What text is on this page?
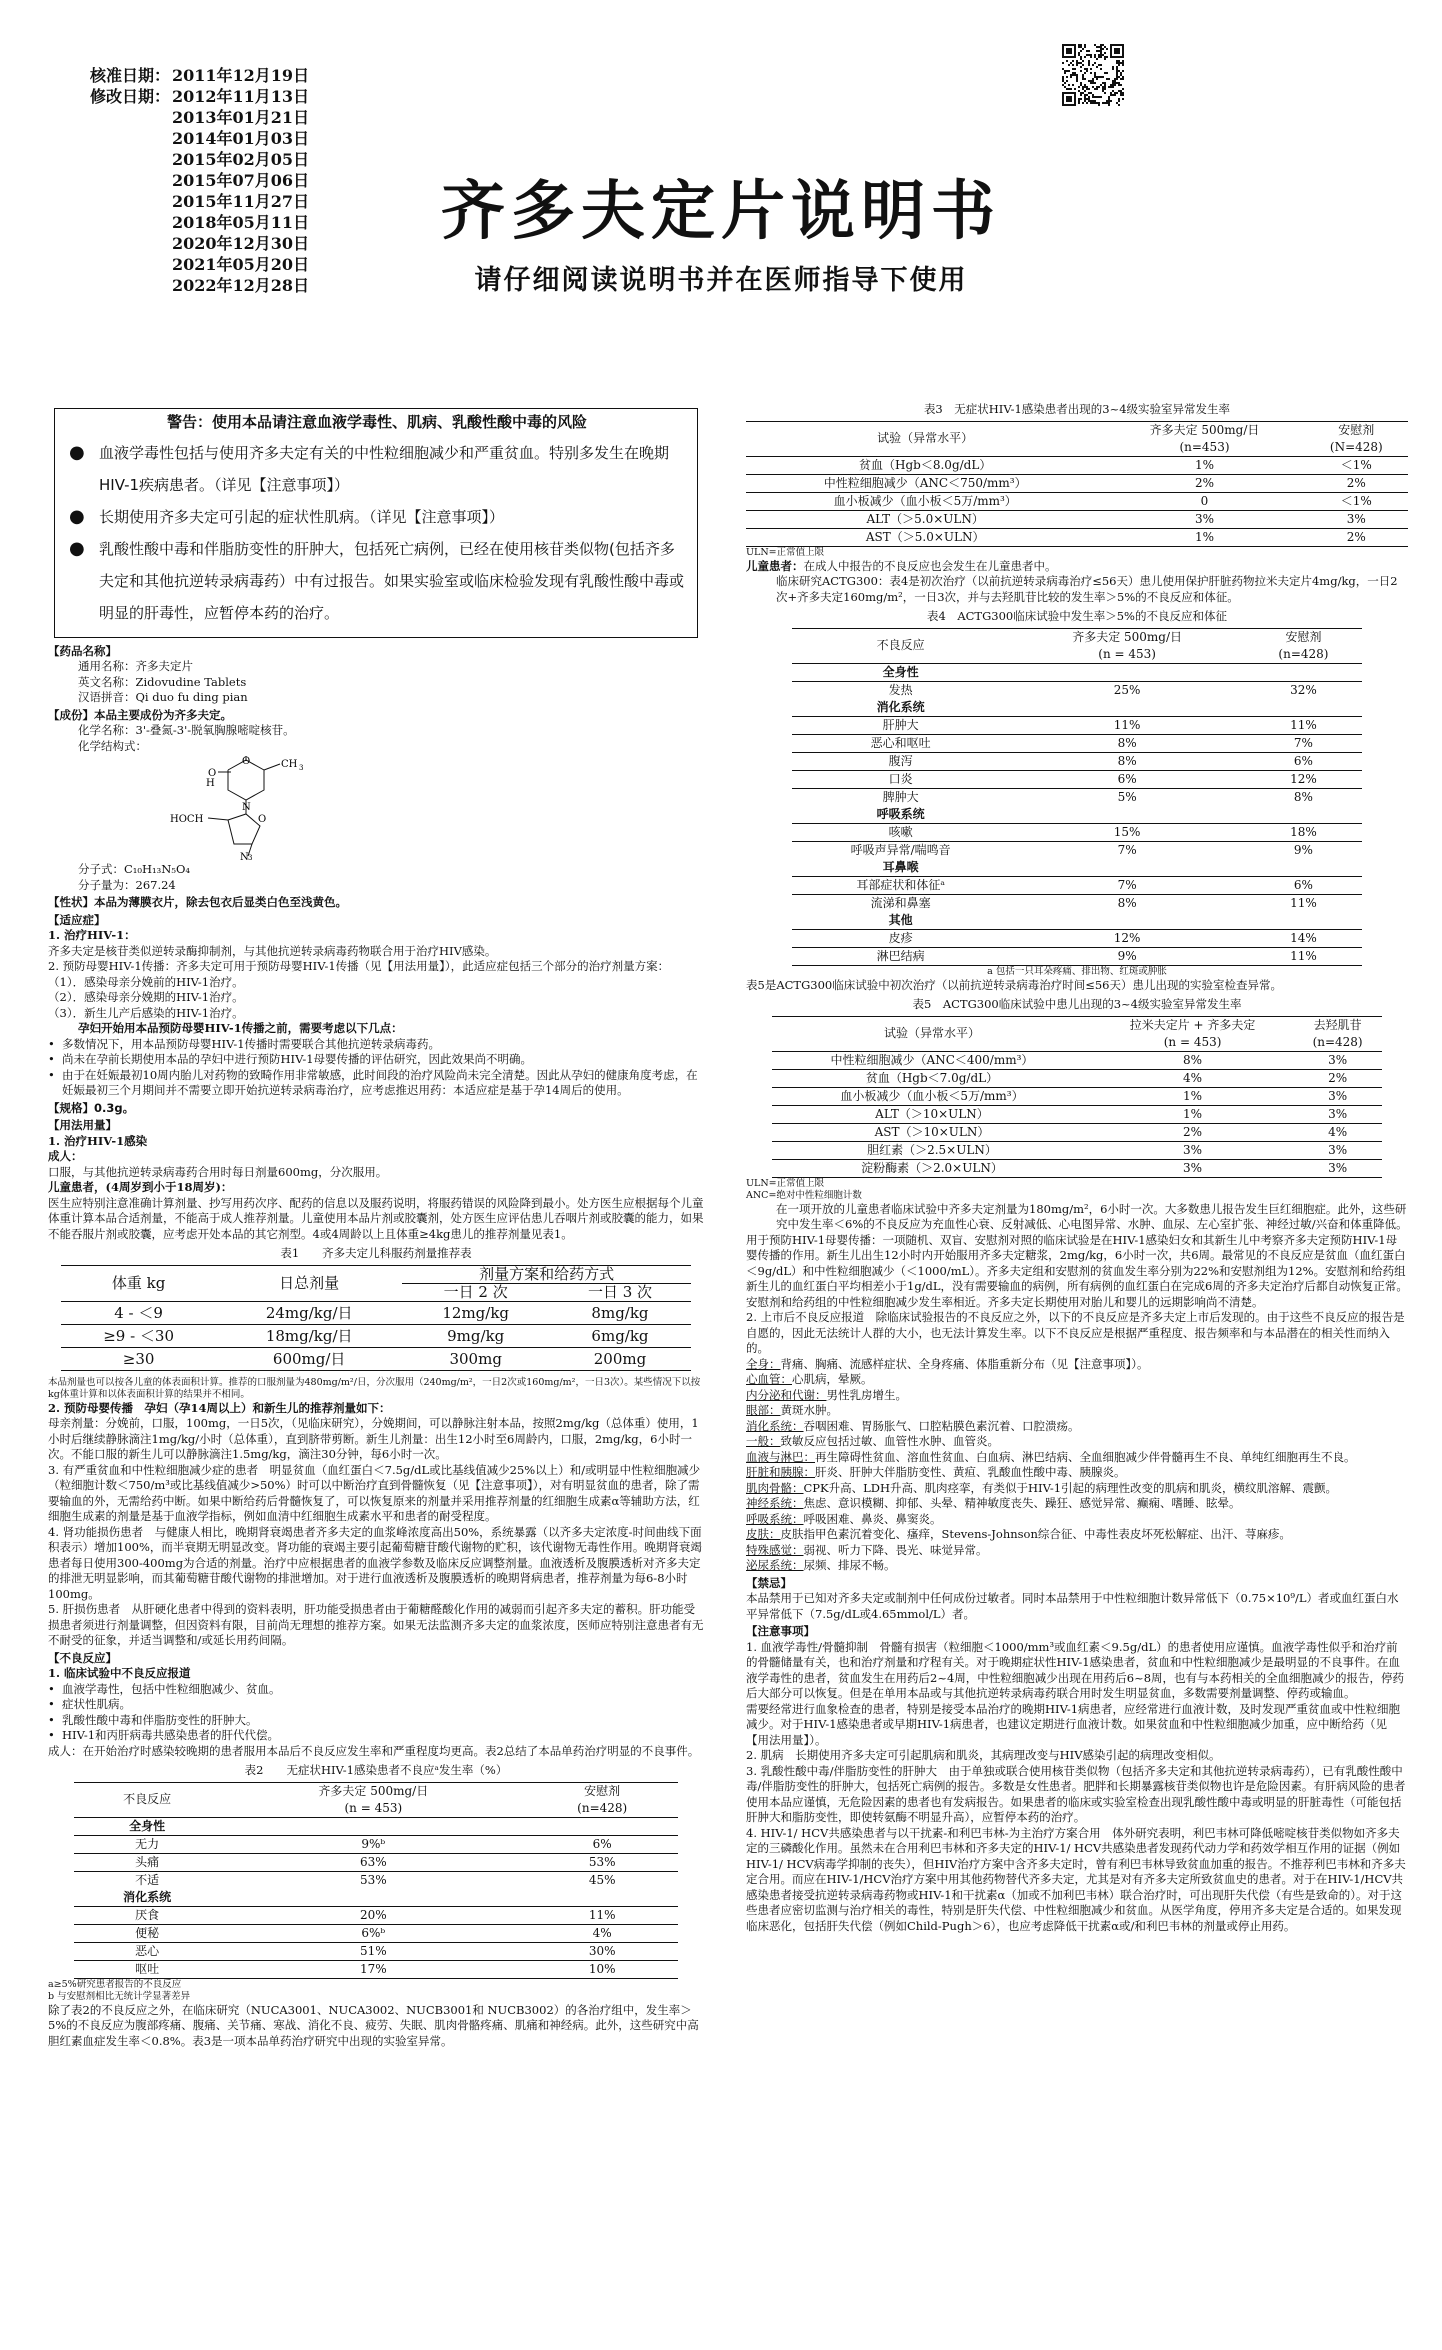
核准日期： 2011年12月19日
修改日期： 2012年11月13日
2013年01月21日
2014年01月03日
2015年02月05日
2015年07月06日
2015年11月27日
2018年05月11日
2020年12月30日
2021年05月20日
2022年12月28日
齐多夫定片说明书
请仔细阅读说明书并在医师指导下使用
警告：使用本品请注意血液学毒性、肌病、乳酸性酸中毒的风险
● 血液学毒性包括与使用齐多夫定有关的中性粒细胞减少和严重贫血。特别多发生在晚期 HIV-1疾病患者。（详见【注意事项】）
● 长期使用齐多夫定可引起的症状性肌病。（详见【注意事项】）
● 乳酸性酸中毒和伴脂肪变性的肝肿大，包括死亡病例，已经在使用核苷类似物(包括齐多夫定和其他抗逆转录病毒药）中有过报告。如果实验室或临床检验发现有乳酸性酸中毒或明显的肝毒性，应暂停本药的治疗。
【药品名称】

通用名称：齐多夫定片

英文名称：Zidovudine Tablets

汉语拼音：Qi duo fu ding pian

【成份】本品主要成份为齐多夫定。

化学名称：3'-叠氮-3'-脱氧胸腺嘧啶核苷。

化学结构式：

O	CH 3
H
N
O
HOCH	O
N 3

分子式：C₁₀H₁₃N₅O₄

分子量为：267.24

【性状】本品为薄膜衣片，除去包衣后显类白色至浅黄色。

【适应症】

1. 治疗HIV-1：

齐多夫定是核苷类似逆转录酶抑制剂，与其他抗逆转录病毒药物联合用于治疗HIV感染。

2. 预防母婴HIV-1传播：齐多夫定可用于预防母婴HIV-1传播（见【用法用量】），此适应症包括三个部分的治疗剂量方案：

（1）．感染母亲分娩前的HIV-1治疗。

（2）．感染母亲分娩期的HIV-1治疗。

（3）．新生儿产后感染的HIV-1治疗。

孕妇开始用本品预防母婴HIV-1传播之前，需要考虑以下几点：

• 多数情况下，用本品预防母婴HIV-1传播时需要联合其他抗逆转录病毒药。
• 尚未在孕前长期使用本品的孕妇中进行预防HIV-1母婴传播的评估研究，因此效果尚不明确。
• 由于在妊娠最初10周内胎儿对药物的致畸作用非常敏感，此时间段的治疗风险尚未完全清楚。因此从孕妇的健康角度考虑，在妊娠最初三个月期间并不需要立即开始抗逆转录病毒治疗，应考虑推迟用药：本适应症是基于孕14周后的使用。

【规格】0.3g。

【用法用量】

1. 治疗HIV-1感染

成人：

口服，与其他抗逆转录病毒药合用时每日剂量600mg，分次服用。

儿童患者，(4周岁到小于18周岁)：

医生应特别注意准确计算剂量、抄写用药次序、配药的信息以及服药说明，将服药错误的风险降到最小。处方医生应根据每个儿童体重计算本品合适剂量，不能高于成人推荐剂量。儿童使用本品片剂或胶囊剂，处方医生应评估患儿吞咽片剂或胶囊的能力，如果不能吞服片剂或胶囊，应考虑开处本品的其它剂型。4或4周龄以上且体重≥4kg患儿的推荐剂量见表1。

表1　　齐多夫定儿科服药剂量推荐表
体重 kg	日总剂量	剂量方案和给药方式	
		一日 2 次	一日 3 次
4 - ＜9	24mg/kg/日	12mg/kg	8mg/kg
≥9 - ＜30	18mg/kg/日	9mg/kg	6mg/kg
≥30	600mg/日	300mg	200mg

本品剂量也可以按各儿童的体表面积计算。推荐的口服剂量为480mg/m²/日，分次服用（240mg/m²，一日2次或160mg/m²，一日3次）。某些情况下以按kg体重计算和以体表面积计算的结果并不相同。

2. 预防母婴传播　孕妇（孕14周以上）和新生儿的推荐剂量如下：

母亲剂量：分娩前，口服，100mg，一日5次，（见临床研究），分娩期间，可以静脉注射本品，按照2mg/kg（总体重）使用，1小时后继续静脉滴注1mg/kg/小时（总体重），直到脐带剪断。新生儿剂量：出生12小时至6周龄内，口服，2mg/kg，6小时一次。不能口服的新生儿可以静脉滴注1.5mg/kg，滴注30分钟，每6小时一次。

3. 有严重贫血和中性粒细胞减少症的患者　明显贫血（血红蛋白＜7.5g/dL或比基线值减少25%以上）和/或明显中性粒细胞减少（粒细胞计数＜750/m³或比基线值减少>50%）时可以中断治疗直到骨髓恢复（见【注意事项】），对有明显贫血的患者，除了需要输血的外，无需给药中断。如果中断给药后骨髓恢复了，可以恢复原来的剂量并采用推荐剂量的红细胞生成素α等辅助方法，红细胞生成素的剂量是基于血液学指标，例如血清中红细胞生成素水平和患者的耐受程度。

4. 肾功能损伤患者　与健康人相比，晚期肾衰竭患者齐多夫定的血浆峰浓度高出50%，系统暴露（以齐多夫定浓度-时间曲线下面积表示）增加100%，而半衰期无明显改变。肾功能的衰竭主要引起葡萄糖苷酸代谢物的贮积，该代谢物无毒性作用。晚期肾衰竭患者每日使用300-400mg为合适的剂量。治疗中应根据患者的血液学参数及临床反应调整剂量。血液透析及腹膜透析对齐多夫定的排泄无明显影响，而其葡萄糖苷酸代谢物的排泄增加。对于进行血液透析及腹膜透析的晚期肾病患者，推荐剂量为每6-8小时100mg。

5. 肝损伤患者　从肝硬化患者中得到的资料表明，肝功能受损患者由于葡糖醛酸化作用的减弱而引起齐多夫定的蓄积。肝功能受损患者须进行剂量调整，但因资料有限，目前尚无理想的推荐方案。如果无法监测齐多夫定的血浆浓度，医师应特别注意患者有无不耐受的征象，并适当调整和/或延长用药间隔。

【不良反应】

1. 临床试验中不良反应报道

• 血液学毒性，包括中性粒细胞减少、贫血。
• 症状性肌病。
• 乳酸性酸中毒和伴脂肪变性的肝肿大。
• HIV-1和丙肝病毒共感染患者的肝代代偿。

成人：在开始治疗时感染较晚期的患者服用本品后不良反应发生率和严重程度均更高。表2总结了本品单药治疗明显的不良事件。

表2　　无症状HIV-1感染患者不良应ᵃ发生率（%）
不良反应	齐多夫定 500mg/日	安慰剂
	(n = 453)	(n=428)
全身性		
无力	9%ᵇ	6%
头痛	63%	53%
不适	53%	45%
消化系统		
厌食	20%	11%
便秘	6%ᵇ	4%
恶心	51%	30%
呕吐	17%	10%

a≥5%研究患者报告的不良反应

b 与安慰剂相比无统计学显著差异

除了表2的不良反应之外，在临床研究（NUCA3001、NUCA3002、NUCB3001和 NUCB3002）的各治疗组中，发生率＞5%的不良反应为腹部疼痛、腹痛、关节痛、寒战、消化不良、疲劳、失眠、肌肉骨骼疼痛、肌痛和神经病。此外，这些研究中高胆红素血症发生率＜0.8%。表3是一项本品单药治疗研究中出现的实验室异常。

表3　无症状HIV-1感染患者出现的3~4级实验室异常发生率
试验（异常水平）	齐多夫定 500mg/日	安慰剂
	(n=453)	(N=428)
贫血（Hgb＜8.0g/dL）	1%	＜1%
中性粒细胞减少（ANC＜750/mm³）	2%	2%
血小板减少（血小板＜5万/mm³）	0	＜1%
ALT（＞5.0×ULN）	3%	3%
AST（＞5.0×ULN）	1%	2%

ULN=正常值上限

儿童患者：在成人中报告的不良反应也会发生在儿童患者中。

临床研究ACTG300：表4是初次治疗（以前抗逆转录病毒治疗≤56天）患儿使用保护肝脏药物拉米夫定片4mg/kg，一日2次+齐多夫定160mg/m²，一日3次，并与去羟肌苷比较的发生率＞5%的不良反应和体征。

表4　ACTG300临床试验中发生率＞5%的不良反应和体征
不良反应	齐多夫定 500mg/日	安慰剂
	(n = 453)	(n=428)
全身性		
发热	25%	32%
消化系统		
肝肿大	11%	11%
恶心和呕吐	8%	7%
腹泻	8%	6%
口炎	6%	12%
脾肿大	5%	8%
呼吸系统		
咳嗽	15%	18%
呼吸声异常/喘鸣音	7%	9%
耳鼻喉		
耳部症状和体征ᵃ	7%	6%
流涕和鼻塞	8%	11%
其他		
皮疹	12%	14%
淋巴结病	9%	11%

a 包括一只耳朵疼痛、排出物、红斑或肿胀

表5是ACTG300临床试验中初次治疗（以前抗逆转录病毒治疗时间≤56天）患儿出现的实验室检查异常。

表5　ACTG300临床试验中患儿出现的3~4级实验室异常发生率
试验（异常水平）	拉米夫定片 + 齐多夫定	去羟肌苷
	(n = 453)	(n=428)
中性粒细胞减少（ANC＜400/mm³）	8%	3%
贫血（Hgb＜7.0g/dL）	4%	2%
血小板减少（血小板＜5万/mm³）	1%	3%
ALT（＞10×ULN）	1%	3%
AST（＞10×ULN）	2%	4%
胆红素（＞2.5×ULN）	3%	3%
淀粉酶素（＞2.0×ULN）	3%	3%

ULN=正常值上限

ANC=绝对中性粒细胞计数

在一项开放的儿童患者临床试验中齐多夫定剂量为180mg/m²，6小时一次。大多数患儿报告发生巨红细胞症。此外，这些研究中发生率＜6%的不良反应为充血性心衰、反射减低、心电图异常、水肿、血尿、左心室扩张、神经过敏/兴奋和体重降低。

用于预防HIV-1母婴传播：一项随机、双盲、安慰剂对照的临床试验是在HIV-1感染妇女和其新生儿中考察齐多夫定预防HIV-1母婴传播的作用。新生儿出生12小时内开始服用齐多夫定糖浆，2mg/kg，6小时一次，共6周。最常见的不良反应是贫血（血红蛋白＜9g/dL）和中性粒细胞减少（＜1000/mL）。齐多夫定组和安慰剂的贫血发生率分别为22%和安慰剂组为12%。安慰剂和给药组新生儿的血红蛋白平均相差小于1g/dL，没有需要输血的病例，所有病例的血红蛋白在完成6周的齐多夫定治疗后都自动恢复正常。安慰剂和给药组的中性粒细胞减少发生率相近。齐多夫定长期使用对胎儿和婴儿的远期影响尚不清楚。

2. 上市后不良反应报道　除临床试验报告的不良反应之外，以下的不良反应是齐多夫定上市后发现的。由于这些不良反应的报告是自愿的，因此无法统计人群的大小，也无法计算发生率。以下不良反应是根据严重程度、报告频率和与本品潜在的相关性而纳入的。

全身：背痛、胸痛、流感样症状、全身疼痛、体脂重新分布（见【注意事项】）。

心血管：心肌病，晕厥。

内分泌和代谢：男性乳房增生。

眼部：黄斑水肿。

消化系统：吞咽困难、胃肠胀气、口腔粘膜色素沉着、口腔溃疡。

一般：致敏反应包括过敏、血管性水肿、血管炎。

血液与淋巴：再生障碍性贫血、溶血性贫血、白血病、淋巴结病、全血细胞减少伴骨髓再生不良、单纯红细胞再生不良。

肝脏和胰腺：肝炎、肝肿大伴脂肪变性、黄疸、乳酸血性酸中毒、胰腺炎。

肌肉骨骼：CPK升高、LDH升高、肌肉痉挛，有类似于HIV-1引起的病理性改变的肌病和肌炎，横纹肌溶解、震颤。

神经系统：焦虑、意识模糊、抑郁、头晕、精神敏度丧失、躁狂、感觉异常、癫痫、嗜睡、眩晕。

呼吸系统：呼吸困难、鼻炎、鼻窦炎。

皮肤：皮肤指甲色素沉着变化、瘙痒，Stevens-Johnson综合征、中毒性表皮坏死松解症、出汗、荨麻疹。

特殊感觉：弱视、听力下降、畏光、味觉异常。

泌尿系统：尿频、排尿不畅。

【禁忌】

本品禁用于已知对齐多夫定或制剂中任何成份过敏者。同时本品禁用于中性粒细胞计数异常低下（0.75×10⁹/L）者或血红蛋白水平异常低下（7.5g/dL或4.65mmol/L）者。

【注意事项】

1. 血液学毒性/骨髓抑制　骨髓有损害（粒细胞＜1000/mm³或血红素＜9.5g/dL）的患者使用应谨慎。血液学毒性似乎和治疗前的骨髓储量有关，也和治疗剂量和疗程有关。对于晚期症状性HIV-1感染患者，贫血和中性粒细胞减少是最明显的不良事件。在血液学毒性的患者，贫血发生在用药后2~4周，中性粒细胞减少出现在用药后6~8周，也有与本药相关的全血细胞减少的报告，停药后大部分可以恢复。但是在单用本品或与其他抗逆转录病毒药联合用时发生明显贫血，多数需要剂量调整、停药或输血。

需要经常进行血象检查的患者，特别是接受本品治疗的晚期HIV-1病患者，应经常进行血液计数，及时发现严重贫血或中性粒细胞减少。对于HIV-1感染患者或早期HIV-1病患者，也建议定期进行血液计数。如果贫血和中性粒细胞减少加重，应中断给药（见【用法用量】）。

2. 肌病　长期使用齐多夫定可引起肌病和肌炎，其病理改变与HIV感染引起的病理改变相似。

3. 乳酸性酸中毒/伴脂肪变性的肝肿大　由于单独或联合使用核苷类似物（包括齐多夫定和其他抗逆转录病毒药），已有乳酸性酸中毒/伴脂肪变性的肝肿大，包括死亡病例的报告。多数是女性患者。肥胖和长期暴露核苷类似物也许是危险因素。有肝病风险的患者使用本品应谨慎，无危险因素的患者也有发病报告。如果患者的临床或实验室检查出现乳酸性酸中毒或明显的肝脏毒性（可能包括肝肿大和脂肪变性，即使转氨酶不明显升高），应暂停本药的治疗。

4. HIV-1/ HCV共感染患者与以干扰素-和利巴韦林-为主治疗方案合用　体外研究表明，利巴韦林可降低嘧啶核苷类似物如齐多夫定的三磷酸化作用。虽然未在合用利巴韦林和齐多夫定的HIV-1/ HCV共感染患者发现药代动力学和药效学相互作用的证据（例如HIV-1/ HCV病毒学抑制的丧失），但HIV治疗方案中含齐多夫定时，曾有利巴韦林导致贫血加重的报告。不推荐利巴韦林和齐多夫定合用。而应在HIV-1/HCV治疗方案中用其他药物替代齐多夫定，尤其是对有齐多夫定所致贫血史的患者。对于在HIV-1/HCV共感染患者接受抗逆转录病毒药物或HIV-1和干扰素α（加或不加利巴韦林）联合治疗时，可出现肝失代偿（有些是致命的）。对于这些患者应密切监测与治疗相关的毒性，特别是肝失代偿、中性粒细胞减少和贫血。从医学角度，停用齐多夫定是合适的。如果发现临床恶化，包括肝失代偿（例如Child-Pugh＞6），也应考虑降低干扰素α或/和利巴韦林的剂量或停止用药。
